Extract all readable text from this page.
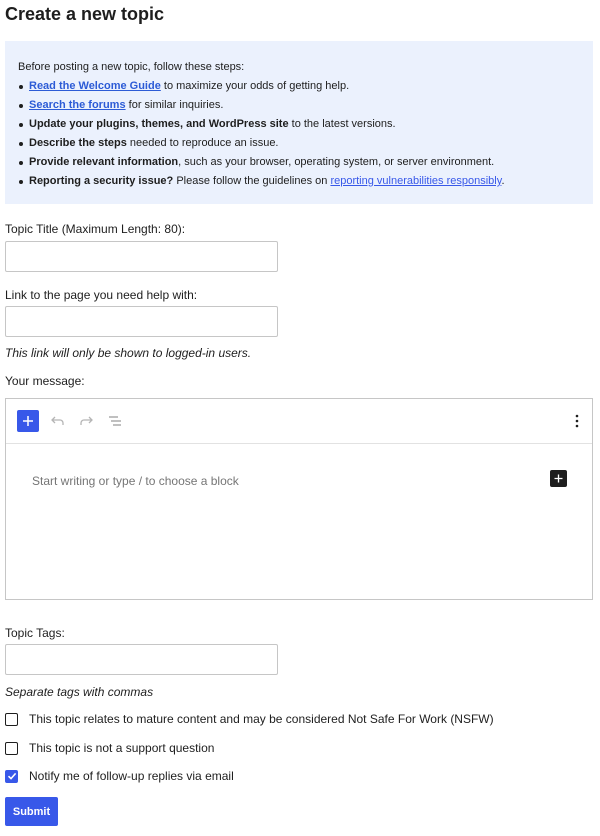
Create a new topic

Before posting a new topic, follow these steps:

Read the Welcome Guide to maximize your odds of getting help.
Search the forums for similar inquiries.
Update your plugins, themes, and WordPress site to the latest versions.
Describe the steps needed to reproduce an issue.
Provide relevant information, such as your browser, operating system, or server environment.
Reporting a security issue? Please follow the guidelines on reporting vulnerabilities responsibly.
Topic Title (Maximum Length: 80):
Link to the page you need help with:
This link will only be shown to logged-in users.
Your message:
Start writing or type / to choose a block
Topic Tags:
Separate tags with commas
This topic relates to mature content and may be considered Not Safe For Work (NSFW)
This topic is not a support question
Notify me of follow-up replies via email
Submit
